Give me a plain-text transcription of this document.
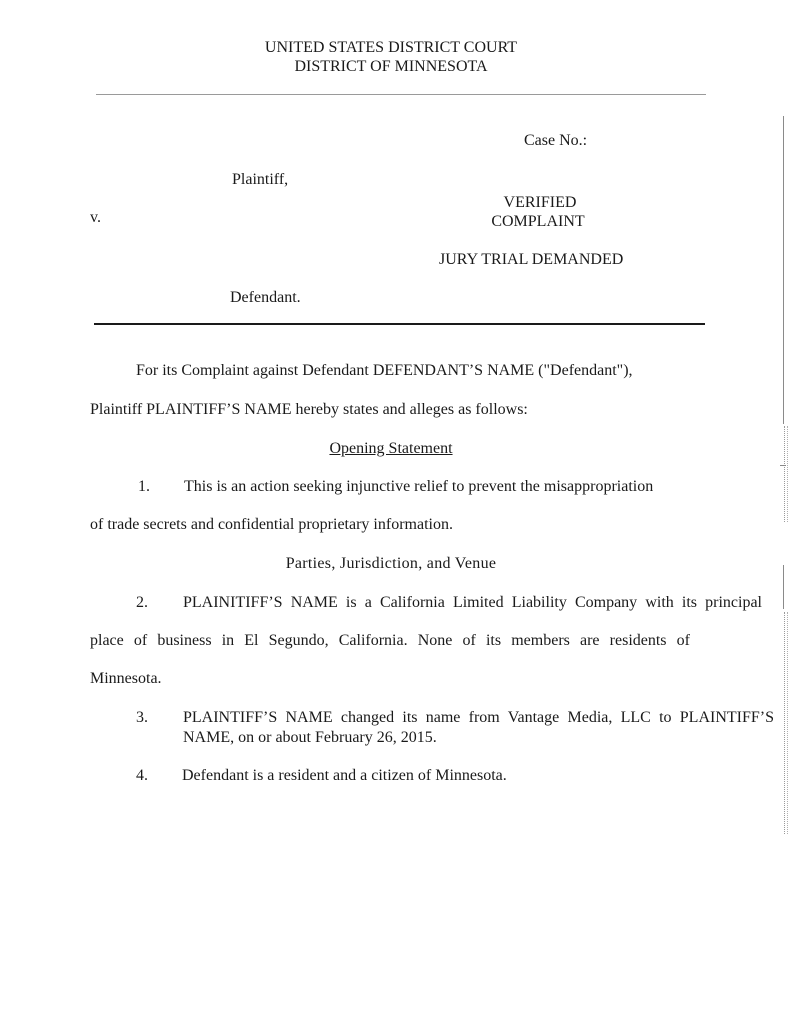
UNITED STATES DISTRICT COURT
DISTRICT OF MINNESOTA
Case No.:
Plaintiff,
VERIFIED
COMPLAINT
v.
JURY TRIAL DEMANDED
Defendant.
For its Complaint against Defendant DEFENDANT’S NAME ("Defendant"),
Plaintiff PLAINTIFF’S NAME hereby states and alleges as follows:
Opening Statement
1. This is an action seeking injunctive relief to prevent the misappropriation
of trade secrets and confidential proprietary information.
Parties, Jurisdiction, and Venue
2. PLAINITIFF’S NAME is a California Limited Liability Company with its principal
place of business in El Segundo, California. None of its members are residents of
Minnesota.
3. PLAINTIFF’S NAME changed its name from Vantage Media, LLC to PLAINTIFF’S
NAME, on or about February 26, 2015.
4. Defendant is a resident and a citizen of Minnesota.
